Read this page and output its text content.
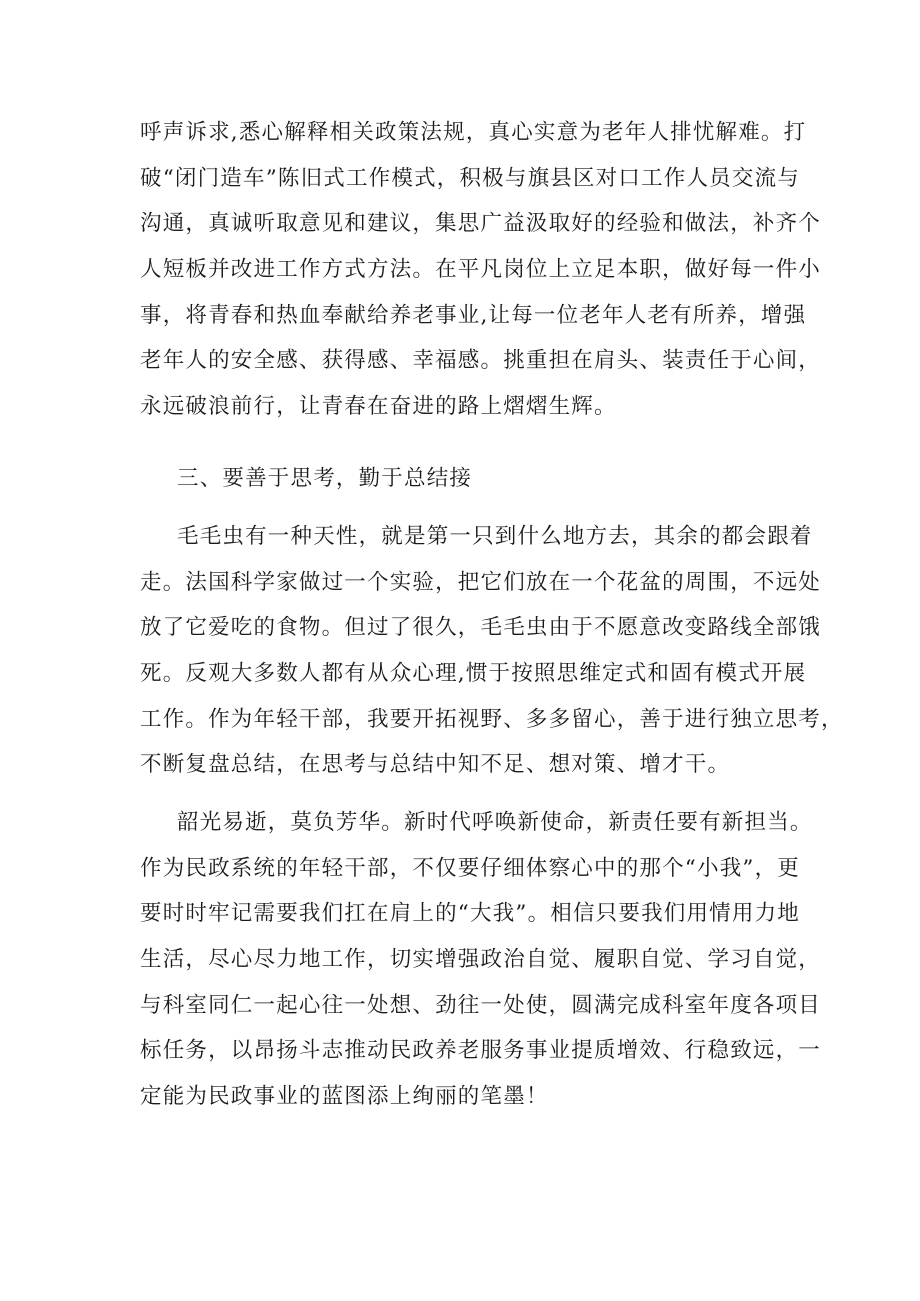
呼声诉求,悉心解释相关政策法规，真心实意为老年人排忧解难。打
破“闭门造车”陈旧式工作模式，积极与旗县区对口工作人员交流与
沟通，真诚听取意见和建议，集思广益汲取好的经验和做法，补齐个
人短板并改进工作方式方法。在平凡岗位上立足本职，做好每一件小
事，将青春和热血奉献给养老事业,让每一位老年人老有所养，增强
老年人的安全感、获得感、幸福感。挑重担在肩头、装责任于心间，
永远破浪前行，让青春在奋进的路上熠熠生辉。
三、要善于思考，勤于总结接
毛毛虫有一种天性，就是第一只到什么地方去，其余的都会跟着
走。法国科学家做过一个实验，把它们放在一个花盆的周围，不远处
放了它爱吃的食物。但过了很久，毛毛虫由于不愿意改变路线全部饿
死。反观大多数人都有从众心理,惯于按照思维定式和固有模式开展
工作。作为年轻干部，我要开拓视野、多多留心，善于进行独立思考，
不断复盘总结，在思考与总结中知不足、想对策、增才干。
韶光易逝，莫负芳华。新时代呼唤新使命，新责任要有新担当。
作为民政系统的年轻干部，不仅要仔细体察心中的那个“小我”，更
要时时牢记需要我们扛在肩上的“大我”。相信只要我们用情用力地
生活，尽心尽力地工作，切实增强政治自觉、履职自觉、学习自觉，
与科室同仁一起心往一处想、劲往一处使，圆满完成科室年度各项目
标任务，以昂扬斗志推动民政养老服务事业提质增效、行稳致远，一
定能为民政事业的蓝图添上绚丽的笔墨！
